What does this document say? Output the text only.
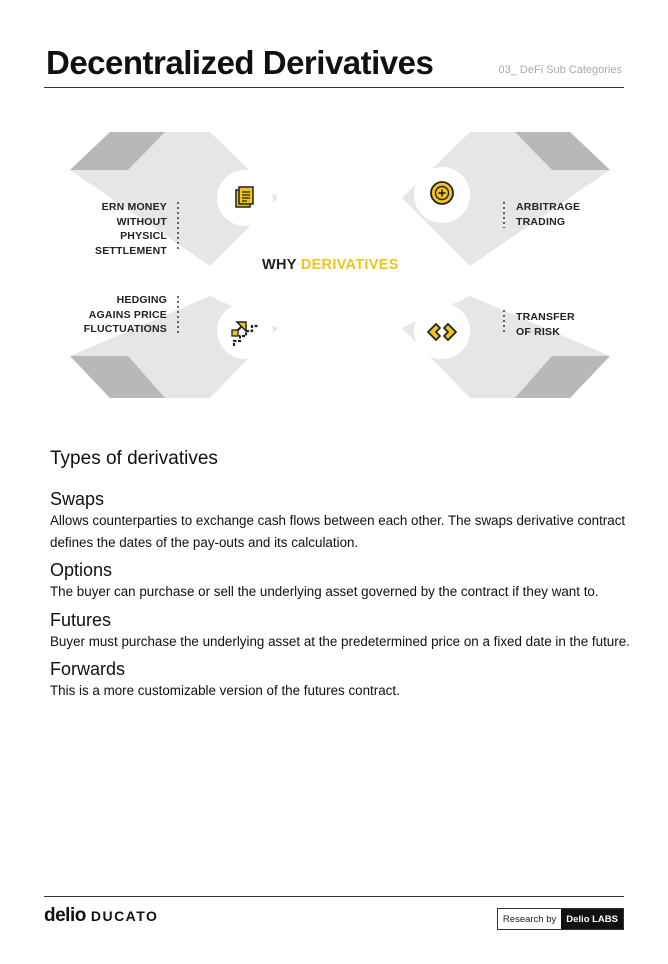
Decentralized Derivatives	03_ DeFi Sub Categories
ERN MONEY
WITHOUT
PHYSICL
SETTLEMENT
ARBITRAGE
TRADING
HEDGING
AGAINS PRICE
FLUCTUATIONS
TRANSFER
OF RISK
WHY DERIVATIVES
Types of derivatives
Swaps
Allows counterparties to exchange cash flows between each other. The swaps derivative contract defines the dates of the pay-outs and its calculation.
Options
The buyer can purchase or sell the underlying asset governed by the contract if they want to.
Futures
Buyer must purchase the underlying asset at the predetermined price on a fixed date in the future.
Forwards
This is a more customizable version of the futures contract.
delio DUCATO	Research by	Delio LABS
